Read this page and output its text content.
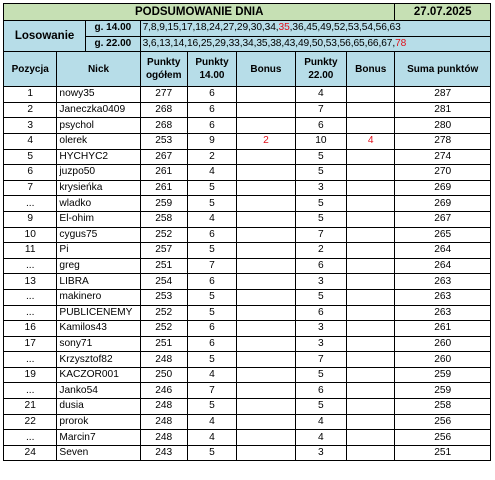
PODSUMOWANIE DNIA								27.07.2025
Losowanie		g. 14.00	7,8,9,15,17,18,24,27,29,30,34,35,36,45,49,52,53,54,56,63					
		g. 22.00	3,6,13,14,16,25,29,33,34,35,38,43,49,50,53,56,65,66,67,78					
Pozycja	Nick		Punkty ogółem	Punkty 14.00	Bonus	Punkty 22.00	Bonus	Suma punktów
1	nowy35		277	6		4		287
2	Janeczka0409		268	6		7		281
3	psychol		268	6		6		280
4	olerek		253	9	2	10	4	278
5	HYCHYC2		267	2		5		274
6	juzpo50		261	4		5		270
7	krysieńka		261	5		3		269
...	wladko		259	5		5		269
9	El-ohim		258	4		5		267
10	cygus75		252	6		7		265
11	Pi		257	5		2		264
...	greg		251	7		6		264
13	LIBRA		254	6		3		263
...	makinero		253	5		5		263
...	PUBLICENEMY		252	5		6		263
16	Kamilos43		252	6		3		261
17	sony71		251	6		3		260
...	Krzysztof82		248	5		7		260
19	KACZOR001		250	4		5		259
...	Janko54		246	7		6		259
21	dusia		248	5		5		258
22	prorok		248	4		4		256
...	Marcin7		248	4		4		256
24	Seven		243	5		3		251
